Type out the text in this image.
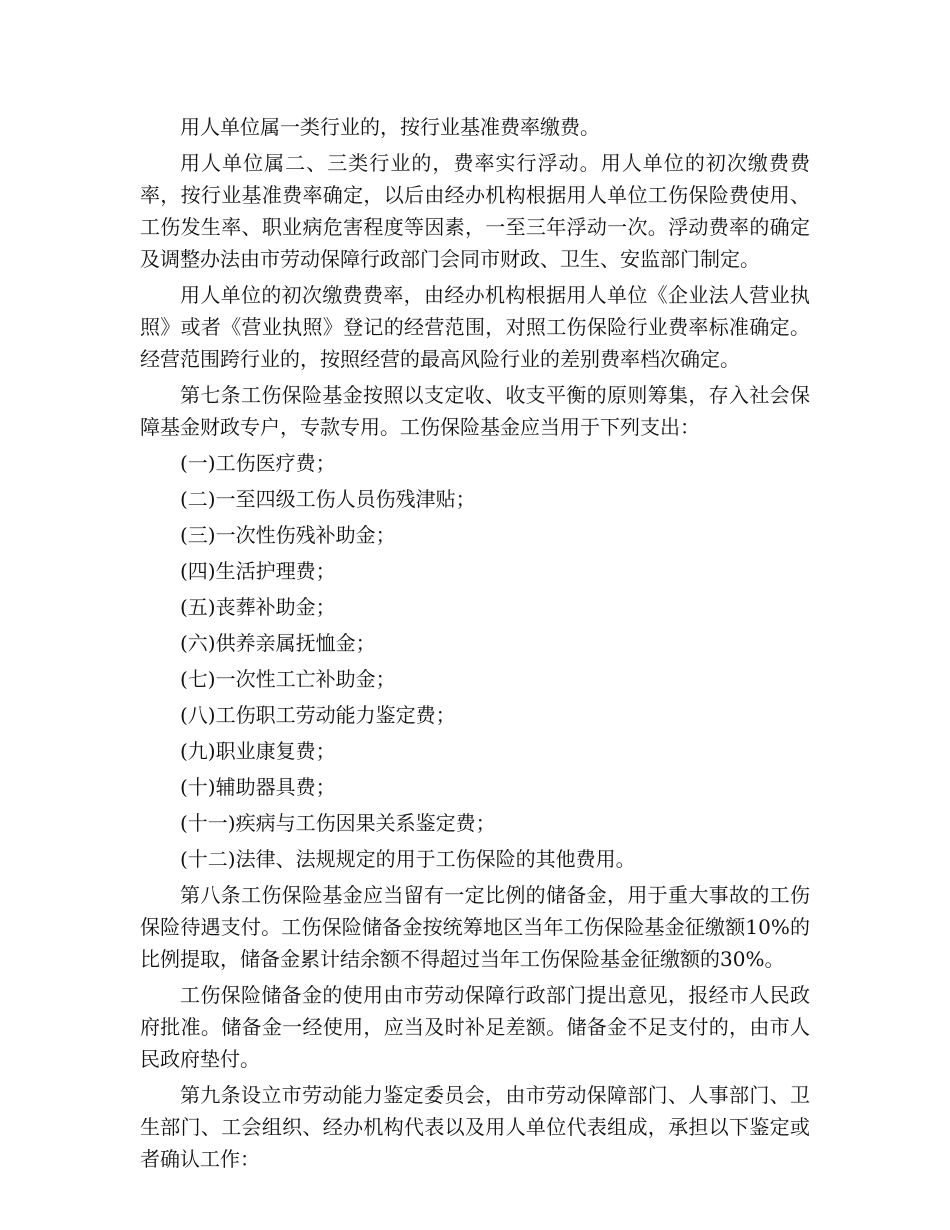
用人单位属一类行业的，按行业基准费率缴费。

用人单位属二、三类行业的，费率实行浮动。用人单位的初次缴费费率，按行业基准费率确定，以后由经办机构根据用人单位工伤保险费使用、工伤发生率、职业病危害程度等因素，一至三年浮动一次。浮动费率的确定及调整办法由市劳动保障行政部门会同市财政、卫生、安监部门制定。

用人单位的初次缴费费率，由经办机构根据用人单位《企业法人营业执照》或者《营业执照》登记的经营范围，对照工伤保险行业费率标准确定。经营范围跨行业的，按照经营的最高风险行业的差别费率档次确定。

第七条工伤保险基金按照以支定收、收支平衡的原则筹集，存入社会保障基金财政专户，专款专用。工伤保险基金应当用于下列支出：

(一)工伤医疗费；

(二)一至四级工伤人员伤残津贴；

(三)一次性伤残补助金；

(四)生活护理费；

(五)丧葬补助金；

(六)供养亲属抚恤金；

(七)一次性工亡补助金；

(八)工伤职工劳动能力鉴定费；

(九)职业康复费；

(十)辅助器具费；

(十一)疾病与工伤因果关系鉴定费；

(十二)法律、法规规定的用于工伤保险的其他费用。

第八条工伤保险基金应当留有一定比例的储备金，用于重大事故的工伤保险待遇支付。工伤保险储备金按统筹地区当年工伤保险基金征缴额10%的比例提取，储备金累计结余额不得超过当年工伤保险基金征缴额的30%。

工伤保险储备金的使用由市劳动保障行政部门提出意见，报经市人民政府批准。储备金一经使用，应当及时补足差额。储备金不足支付的，由市人民政府垫付。

第九条设立市劳动能力鉴定委员会，由市劳动保障部门、人事部门、卫生部门、工会组织、经办机构代表以及用人单位代表组成，承担以下鉴定或者确认工作：
